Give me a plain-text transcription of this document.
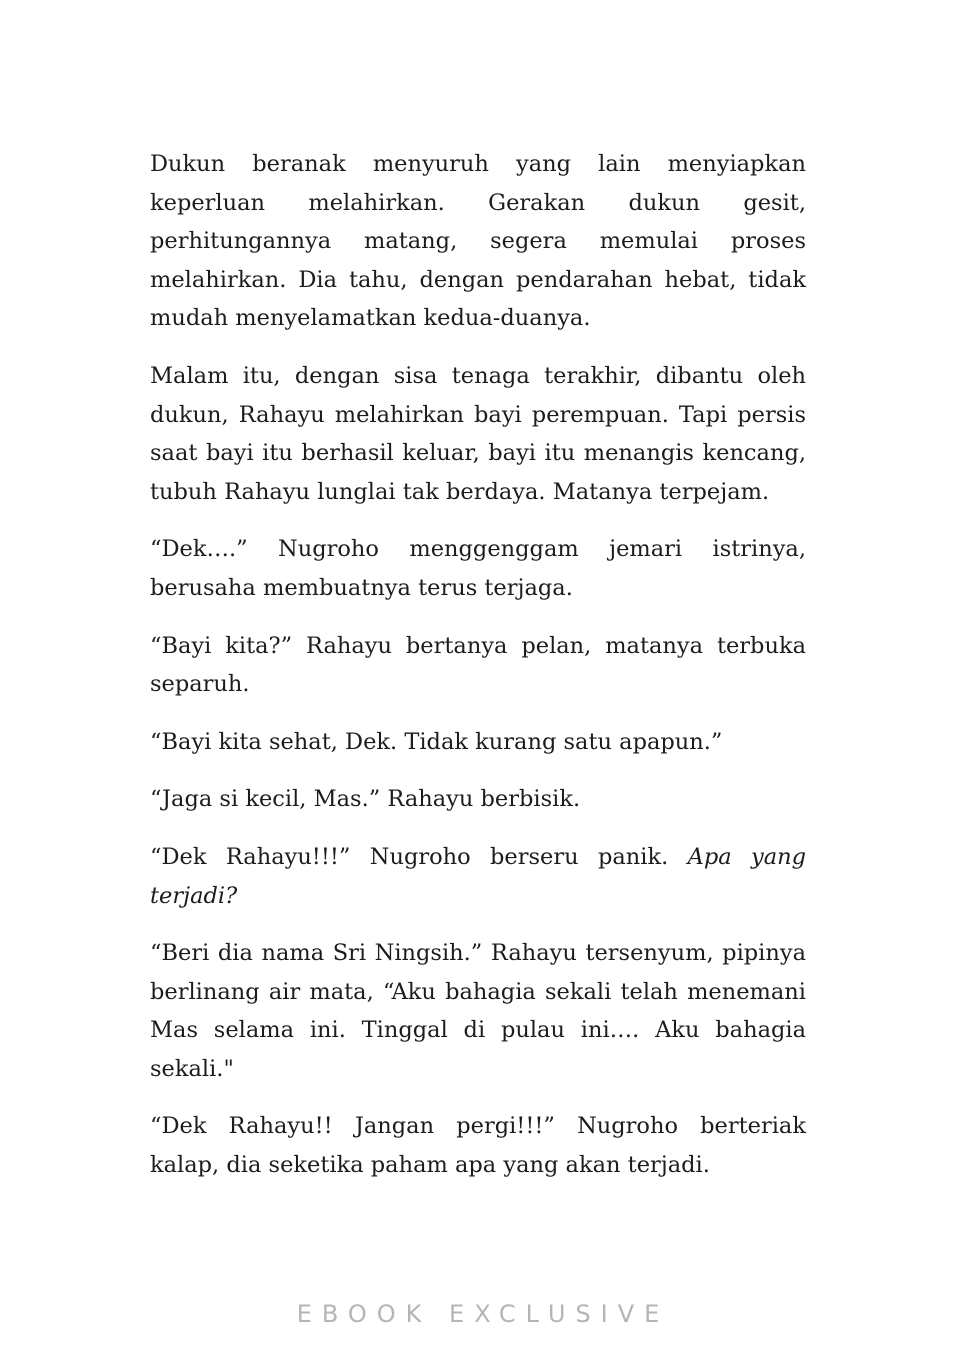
Dukun beranak menyuruh yang lain menyiapkan keperluan melahirkan. Gerakan dukun gesit, perhitungannya matang, segera memulai proses melahirkan. Dia tahu, dengan pendarahan hebat, tidak mudah menyelamatkan kedua-duanya.

Malam itu, dengan sisa tenaga terakhir, dibantu oleh dukun, Rahayu melahirkan bayi perempuan. Tapi persis saat bayi itu berhasil keluar, bayi itu menangis kencang, tubuh Rahayu lunglai tak berdaya. Matanya terpejam.

“Dek….” Nugroho menggenggam jemari istrinya, berusaha membuatnya terus terjaga.

“Bayi kita?” Rahayu bertanya pelan, matanya terbuka separuh.

“Bayi kita sehat, Dek. Tidak kurang satu apapun.”

“Jaga si kecil, Mas.” Rahayu berbisik.

“Dek Rahayu!!!” Nugroho berseru panik. Apa yang terjadi?

“Beri dia nama Sri Ningsih.” Rahayu tersenyum, pipinya berlinang air mata, “Aku bahagia sekali telah menemani Mas selama ini. Tinggal di pulau ini…. Aku bahagia sekali."

“Dek Rahayu!! Jangan pergi!!!” Nugroho berteriak kalap, dia seketika paham apa yang akan terjadi.

EBOOK EXCLUSIVE
